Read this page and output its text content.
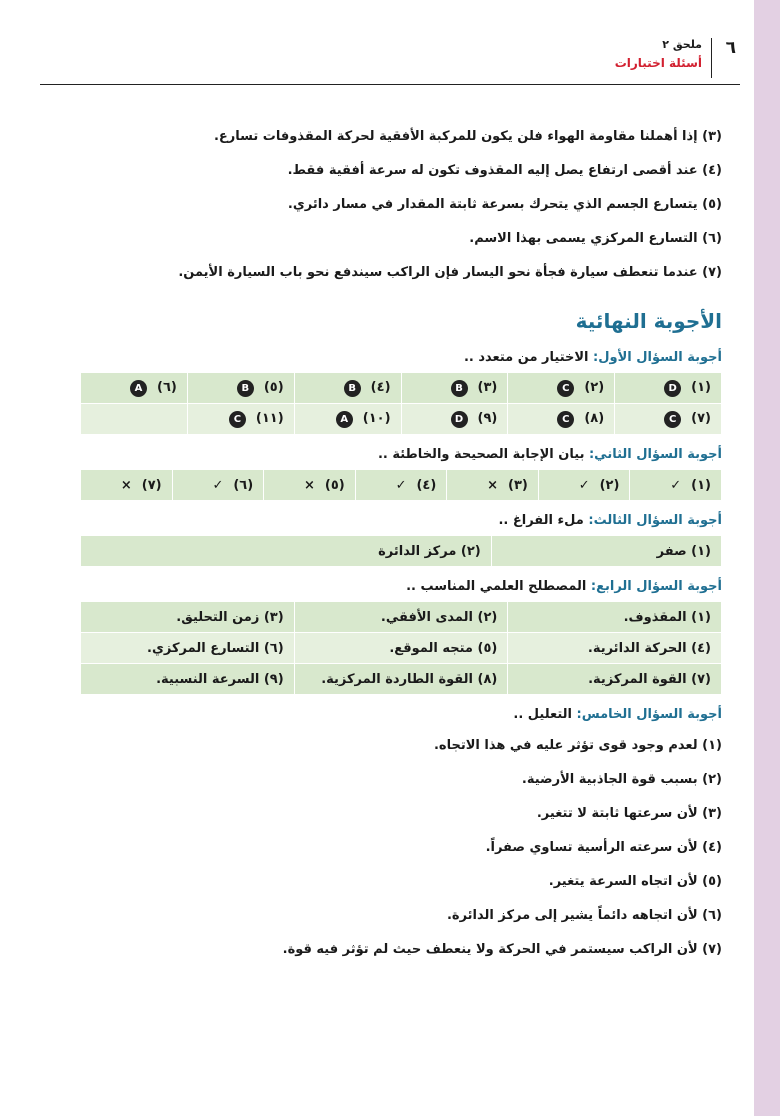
٦
ملحق ٢
أسئلة اختبارات
(٣) إذا أهملنا مقاومة الهواء فلن يكون للمركبة الأفقية لحركة المقذوفات تسارع.
(٤) عند أقصى ارتفاع يصل إليه المقذوف تكون له سرعة أفقية فقط.
(٥) يتسارع الجسم الذي يتحرك بسرعة ثابتة المقدار في مسار دائري.
(٦) التسارع المركزي يسمى بهذا الاسم.
(٧) عندما تنعطف سيارة فجأة نحو اليسار فإن الراكب سيندفع نحو باب السيارة الأيمن.
الأجوبة النهائية
أجوبة السؤال الأول: الاختيار من متعدد ..
(١)D	(٢)C	(٣)B	(٤)B	(٥)B	(٦)A
(٧)C	(٨)C	(٩)D	(١٠)A	(١١)C	
أجوبة السؤال الثاني: بيان الإجابة الصحيحة والخاطئة ..
(١)✓	(٢)✓	(٣)×	(٤)✓	(٥)×	(٦)✓	(٧)×
أجوبة السؤال الثالث: ملء الفراغ ..
(١) صفر	(٢) مركز الدائرة
أجوبة السؤال الرابع: المصطلح العلمي المناسب ..
(١) المقذوف.	(٢) المدى الأفقي.	(٣) زمن التحليق.
(٤) الحركة الدائرية.	(٥) متجه الموقع.	(٦) التسارع المركزي.
(٧) القوة المركزية.	(٨) القوة الطاردة المركزية.	(٩) السرعة النسبية.
أجوبة السؤال الخامس: التعليل ..
(١) لعدم وجود قوى تؤثر عليه في هذا الاتجاه.
(٢) بسبب قوة الجاذبية الأرضية.
(٣) لأن سرعتها ثابتة لا تتغير.
(٤) لأن سرعته الرأسية تساوي صفراً.
(٥) لأن اتجاه السرعة يتغير.
(٦) لأن اتجاهه دائماً يشير إلى مركز الدائرة.
(٧) لأن الراكب سيستمر في الحركة ولا ينعطف حيث لم تؤثر فيه قوة.
